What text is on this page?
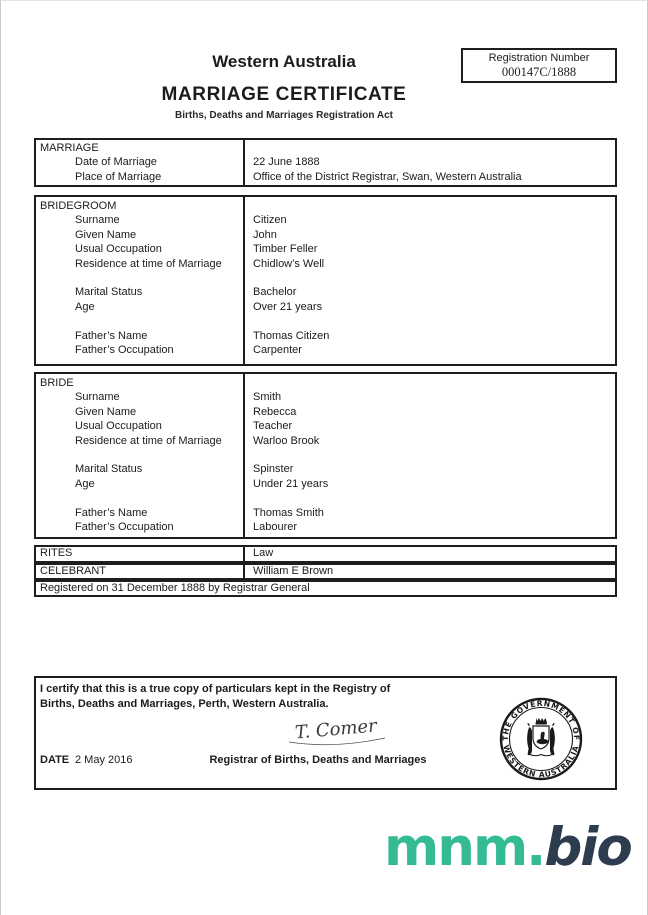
Western Australia
MARRIAGE CERTIFICATE
Births, Deaths and Marriages Registration Act
Registration Number
000147C/1888
MARRIAGE
Date of Marriage	22 June 1888
Place of Marriage	Office of the District Registrar, Swan, Western Australia
BRIDEGROOM
Surname	Citizen
Given Name	John
Usual Occupation	Timber Feller
Residence at time of Marriage	Chidlow’s Well
Marital Status	Bachelor
Age	Over 21 years
Father’s Name	Thomas Citizen
Father’s Occupation	Carpenter
BRIDE
Surname	Smith
Given Name	Rebecca
Usual Occupation	Teacher
Residence at time of Marriage	Warloo Brook
Marital Status	Spinster
Age	Under 21 years
Father’s Name	Thomas Smith
Father’s Occupation	Labourer
RITES	Law
CELEBRANT	William E Brown
Registered on 31 December 1888 by Registrar General
I certify that this is a true copy of particulars kept in the Registry of
Births, Deaths and Marriages, Perth, Western Australia.
T. Comer
DATE 2 May 2016	Registrar of Births, Deaths and Marriages
THE GOVERNMENT OF
WESTERN AUSTRALIA
mnm.bio
